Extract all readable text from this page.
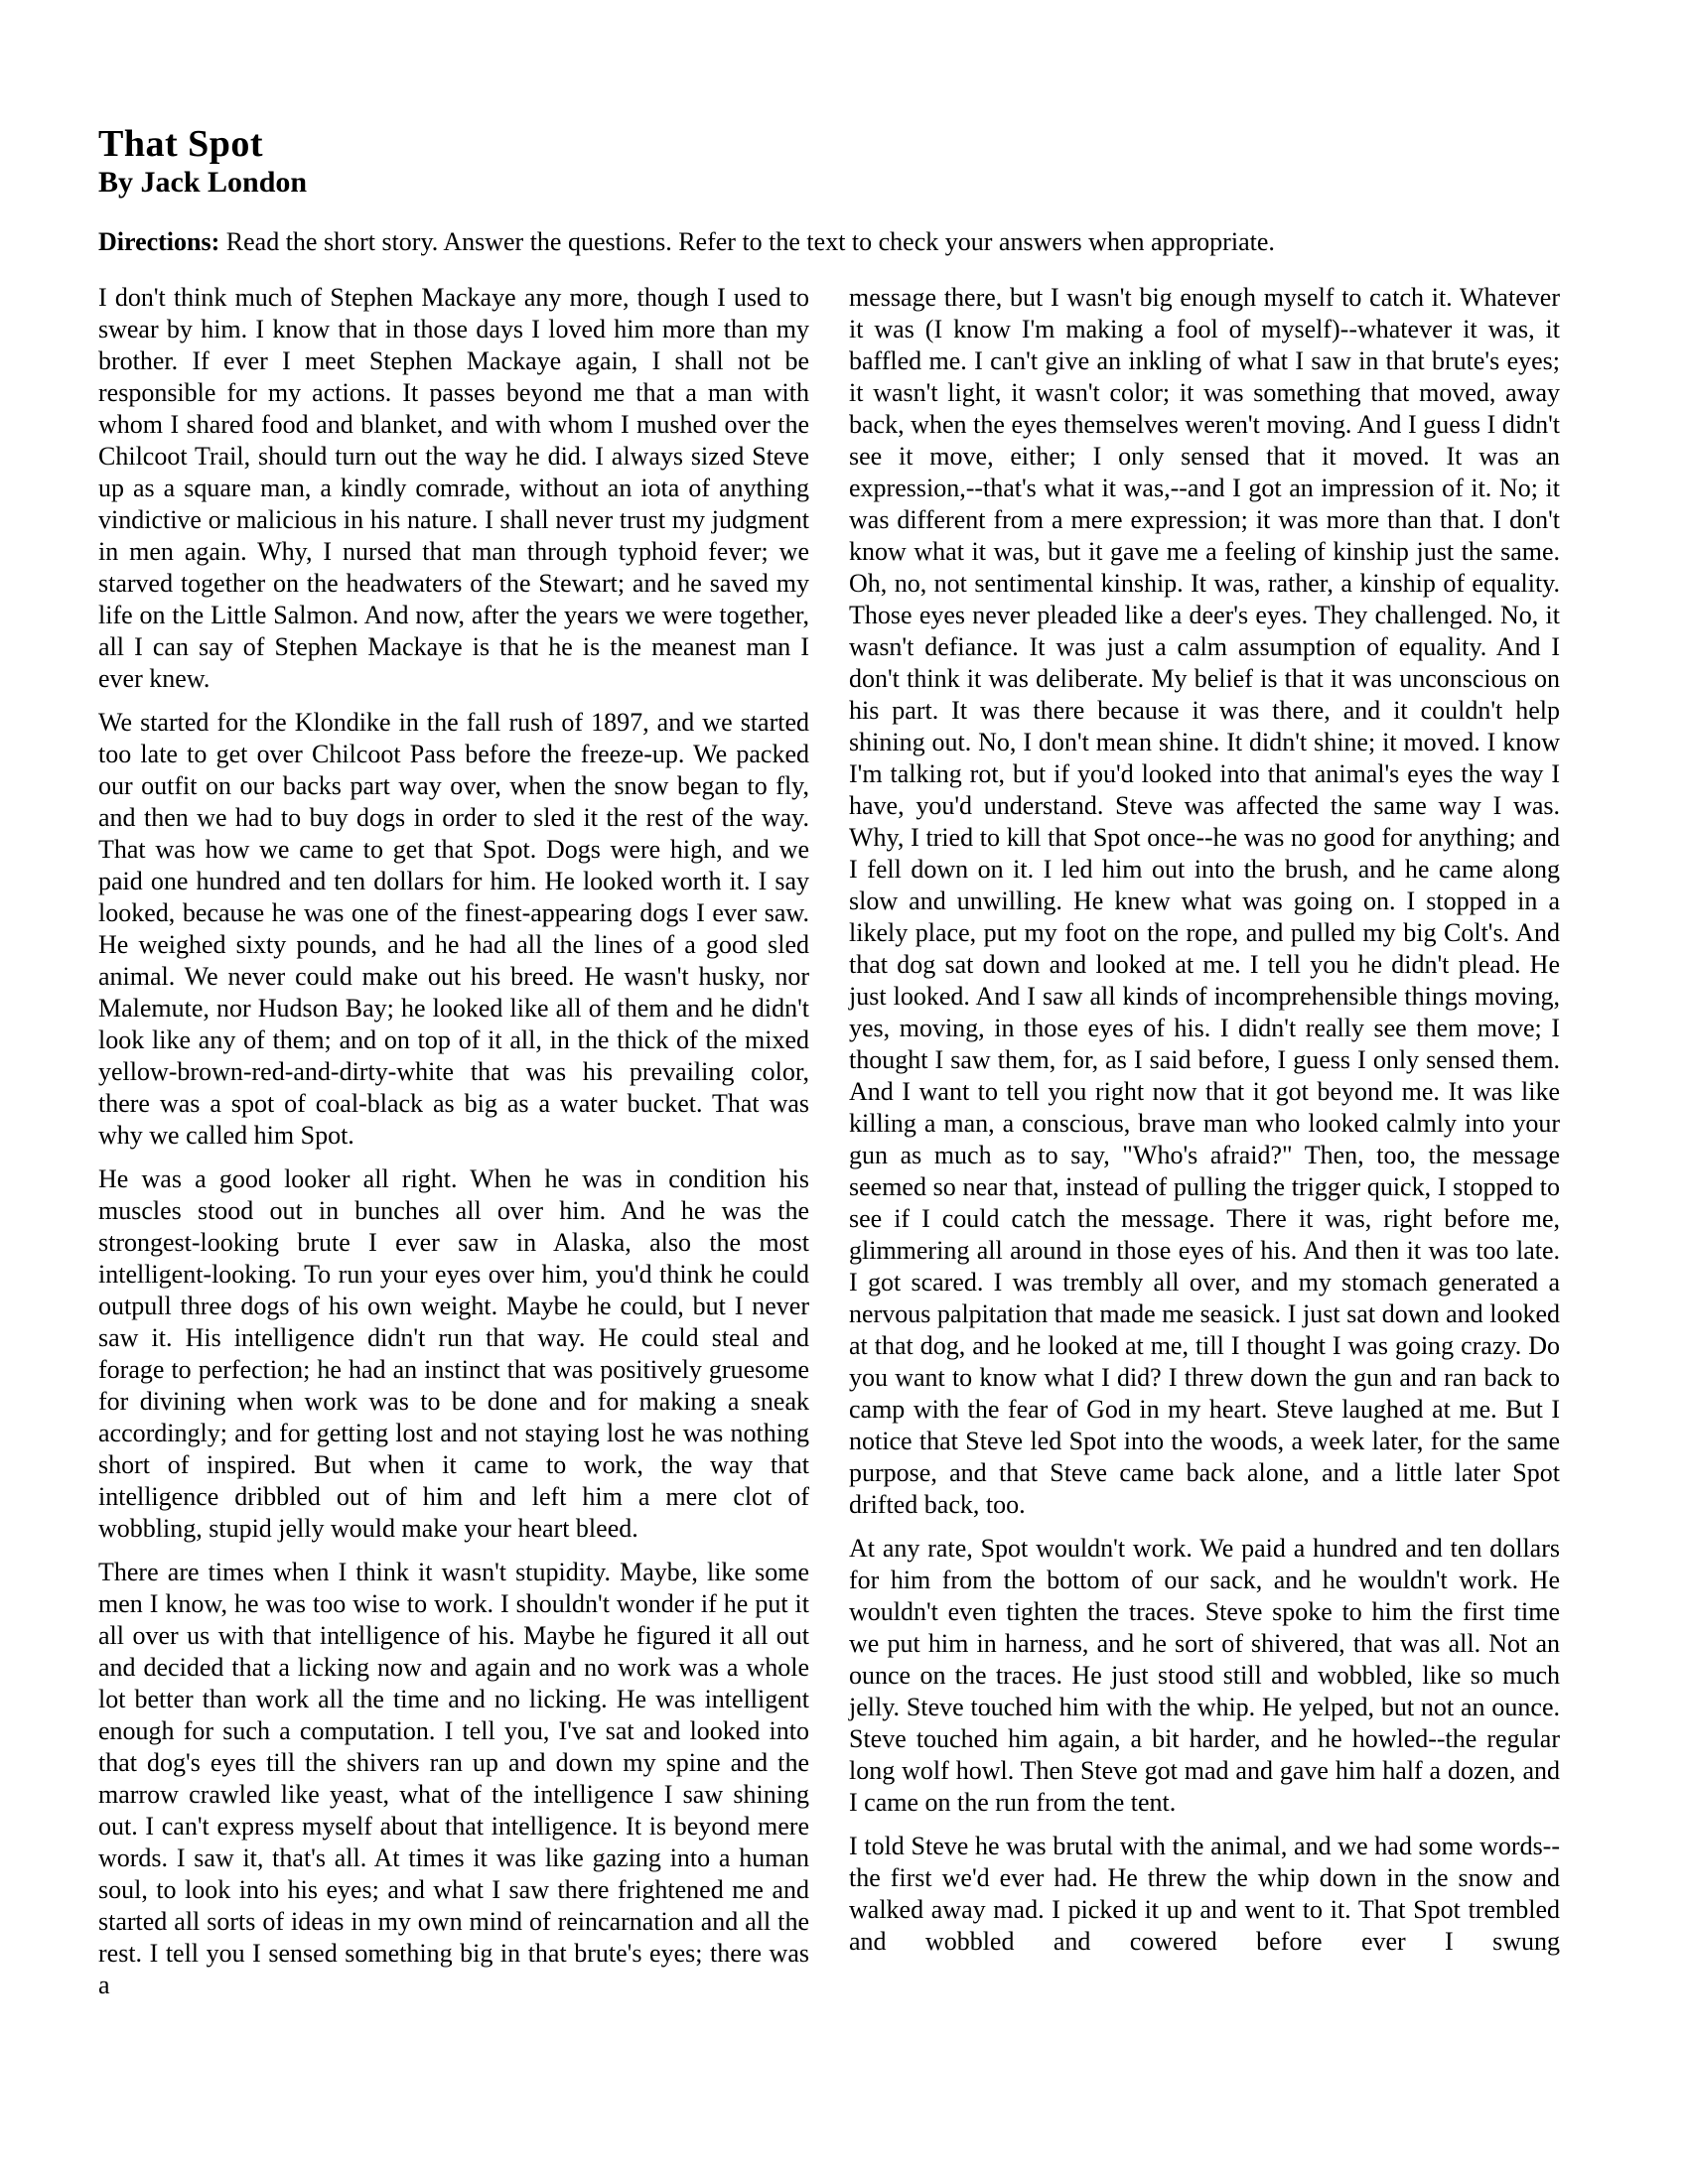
That Spot
By Jack London

Directions: Read the short story. Answer the questions. Refer to the text to check your answers when appropriate.

I don't think much of Stephen Mackaye any more, though I used to swear by him. I know that in those days I loved him more than my brother. If ever I meet Stephen Mackaye again, I shall not be responsible for my actions. It passes beyond me that a man with whom I shared food and blanket, and with whom I mushed over the Chilcoot Trail, should turn out the way he did. I always sized Steve up as a square man, a kindly comrade, without an iota of anything vindictive or malicious in his nature. I shall never trust my judgment in men again. Why, I nursed that man through typhoid fever; we starved together on the headwaters of the Stewart; and he saved my life on the Little Salmon. And now, after the years we were together, all I can say of Stephen Mackaye is that he is the meanest man I ever knew.

We started for the Klondike in the fall rush of 1897, and we started too late to get over Chilcoot Pass before the freeze-up. We packed our outfit on our backs part way over, when the snow began to fly, and then we had to buy dogs in order to sled it the rest of the way. That was how we came to get that Spot. Dogs were high, and we paid one hundred and ten dollars for him. He looked worth it. I say looked, because he was one of the finest-appearing dogs I ever saw. He weighed sixty pounds, and he had all the lines of a good sled animal. We never could make out his breed. He wasn't husky, nor Malemute, nor Hudson Bay; he looked like all of them and he didn't look like any of them; and on top of it all, in the thick of the mixed yellow-brown-red-and-dirty-white that was his prevailing color, there was a spot of coal-black as big as a water bucket. That was why we called him Spot.

He was a good looker all right. When he was in condition his muscles stood out in bunches all over him. And he was the strongest-looking brute I ever saw in Alaska, also the most intelligent-looking. To run your eyes over him, you'd think he could outpull three dogs of his own weight. Maybe he could, but I never saw it. His intelligence didn't run that way. He could steal and forage to perfection; he had an instinct that was positively gruesome for divining when work was to be done and for making a sneak accordingly; and for getting lost and not staying lost he was nothing short of inspired. But when it came to work, the way that intelligence dribbled out of him and left him a mere clot of wobbling, stupid jelly would make your heart bleed.

There are times when I think it wasn't stupidity. Maybe, like some men I know, he was too wise to work. I shouldn't wonder if he put it all over us with that intelligence of his. Maybe he figured it all out and decided that a licking now and again and no work was a whole lot better than work all the time and no licking. He was intelligent enough for such a computation. I tell you, I've sat and looked into that dog's eyes till the shivers ran up and down my spine and the marrow crawled like yeast, what of the intelligence I saw shining out. I can't express myself about that intelligence. It is beyond mere words. I saw it, that's all. At times it was like gazing into a human soul, to look into his eyes; and what I saw there frightened me and started all sorts of ideas in my own mind of reincarnation and all the rest. I tell you I sensed something big in that brute's eyes; there was a

message there, but I wasn't big enough myself to catch it. Whatever it was (I know I'm making a fool of myself)--whatever it was, it baffled me. I can't give an inkling of what I saw in that brute's eyes; it wasn't light, it wasn't color; it was something that moved, away back, when the eyes themselves weren't moving. And I guess I didn't see it move, either; I only sensed that it moved. It was an expression,--that's what it was,--and I got an impression of it. No; it was different from a mere expression; it was more than that. I don't know what it was, but it gave me a feeling of kinship just the same. Oh, no, not sentimental kinship. It was, rather, a kinship of equality. Those eyes never pleaded like a deer's eyes. They challenged. No, it wasn't defiance. It was just a calm assumption of equality. And I don't think it was deliberate. My belief is that it was unconscious on his part. It was there because it was there, and it couldn't help shining out. No, I don't mean shine. It didn't shine; it moved. I know I'm talking rot, but if you'd looked into that animal's eyes the way I have, you'd understand. Steve was affected the same way I was. Why, I tried to kill that Spot once--he was no good for anything; and I fell down on it. I led him out into the brush, and he came along slow and unwilling. He knew what was going on. I stopped in a likely place, put my foot on the rope, and pulled my big Colt's. And that dog sat down and looked at me. I tell you he didn't plead. He just looked. And I saw all kinds of incomprehensible things moving, yes, moving, in those eyes of his. I didn't really see them move; I thought I saw them, for, as I said before, I guess I only sensed them. And I want to tell you right now that it got beyond me. It was like killing a man, a conscious, brave man who looked calmly into your gun as much as to say, "Who's afraid?" Then, too, the message seemed so near that, instead of pulling the trigger quick, I stopped to see if I could catch the message. There it was, right before me, glimmering all around in those eyes of his. And then it was too late. I got scared. I was trembly all over, and my stomach generated a nervous palpitation that made me seasick. I just sat down and looked at that dog, and he looked at me, till I thought I was going crazy. Do you want to know what I did? I threw down the gun and ran back to camp with the fear of God in my heart. Steve laughed at me. But I notice that Steve led Spot into the woods, a week later, for the same purpose, and that Steve came back alone, and a little later Spot drifted back, too.

At any rate, Spot wouldn't work. We paid a hundred and ten dollars for him from the bottom of our sack, and he wouldn't work. He wouldn't even tighten the traces. Steve spoke to him the first time we put him in harness, and he sort of shivered, that was all. Not an ounce on the traces. He just stood still and wobbled, like so much jelly. Steve touched him with the whip. He yelped, but not an ounce. Steve touched him again, a bit harder, and he howled--the regular long wolf howl. Then Steve got mad and gave him half a dozen, and I came on the run from the tent.

I told Steve he was brutal with the animal, and we had some words--the first we'd ever had. He threw the whip down in the snow and walked away mad. I picked it up and went to it. That Spot trembled and wobbled and cowered before ever I swung
